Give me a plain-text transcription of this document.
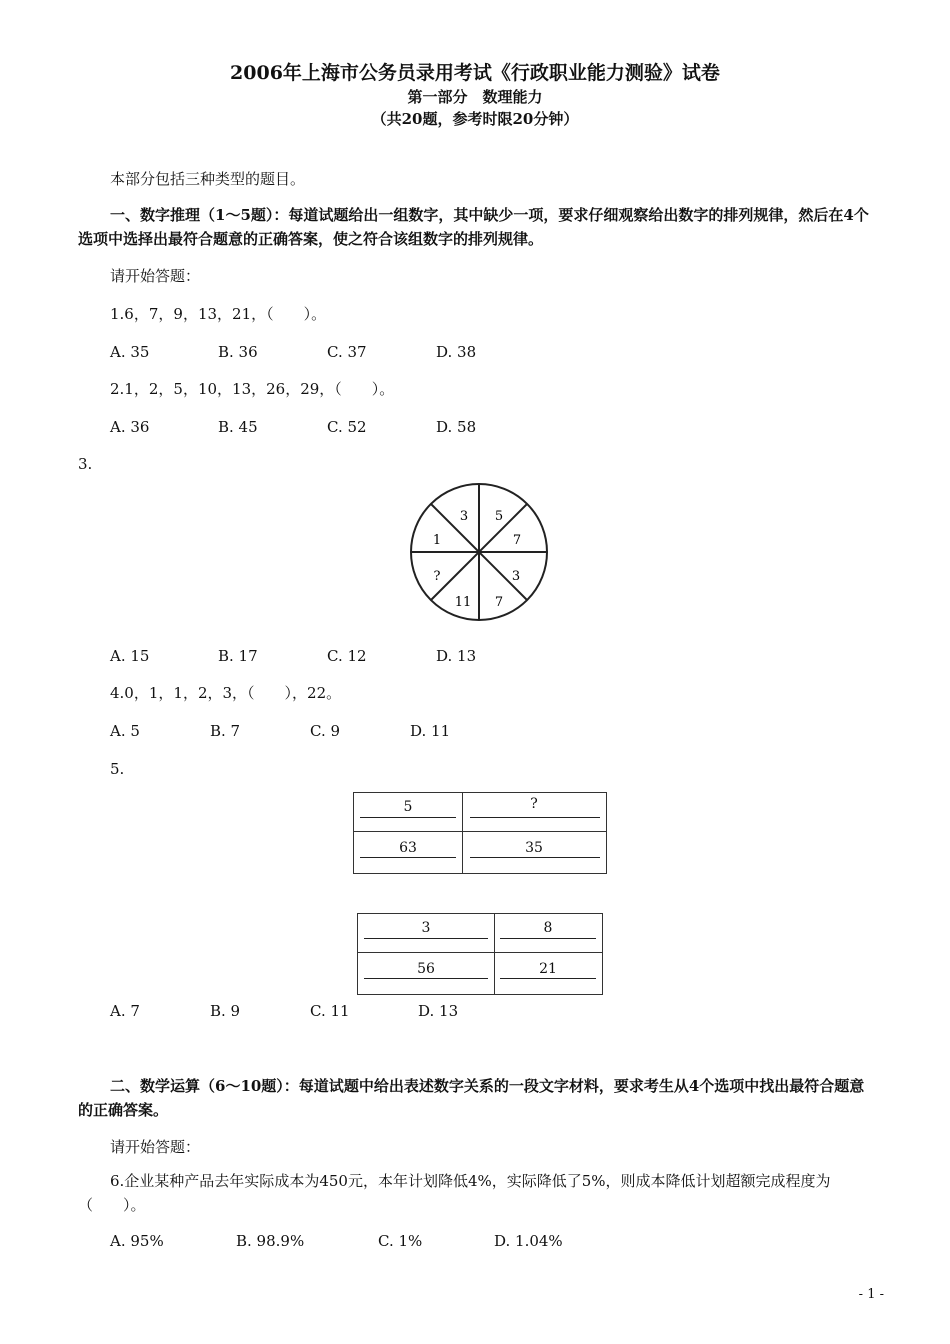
2006年上海市公务员录用考试《行政职业能力测验》试卷
第一部分　数理能力
（共20题，参考时限20分钟）
本部分包括三种类型的题目。
一、数字推理（1～5题）：每道试题给出一组数字，其中缺少一项，要求仔细观察给出数字的排列规律，然后在4个选项中选择出最符合题意的正确答案，使之符合该组数字的排列规律。
请开始答题：
1.6，7，9，13，21，（　　）。
A. 35	B. 36	C. 37	D. 38
2.1，2，5，10，13，26，29，（　　）。
A. 36	B. 45	C. 52	D. 58
3.
3 5
7
3
7
11
?
1
A. 15	B. 17	C. 12	D. 13
4.0，1，1，2，3，（　　），22。
A. 5	B. 7	C. 9	D. 11
5.
5	?
63	35
3	8
56	21
A. 7	B. 9	C. 11	D. 13
二、数学运算（6～10题）：每道试题中给出表述数字关系的一段文字材料，要求考生从4个选项中找出最符合题意的正确答案。
请开始答题：
6.企业某种产品去年实际成本为450元，本年计划降低4%，实际降低了5%，则成本降低计划超额完成程度为（　　）。
A. 95%	B. 98.9%	C. 1%	D. 1.04%
- 1 -
